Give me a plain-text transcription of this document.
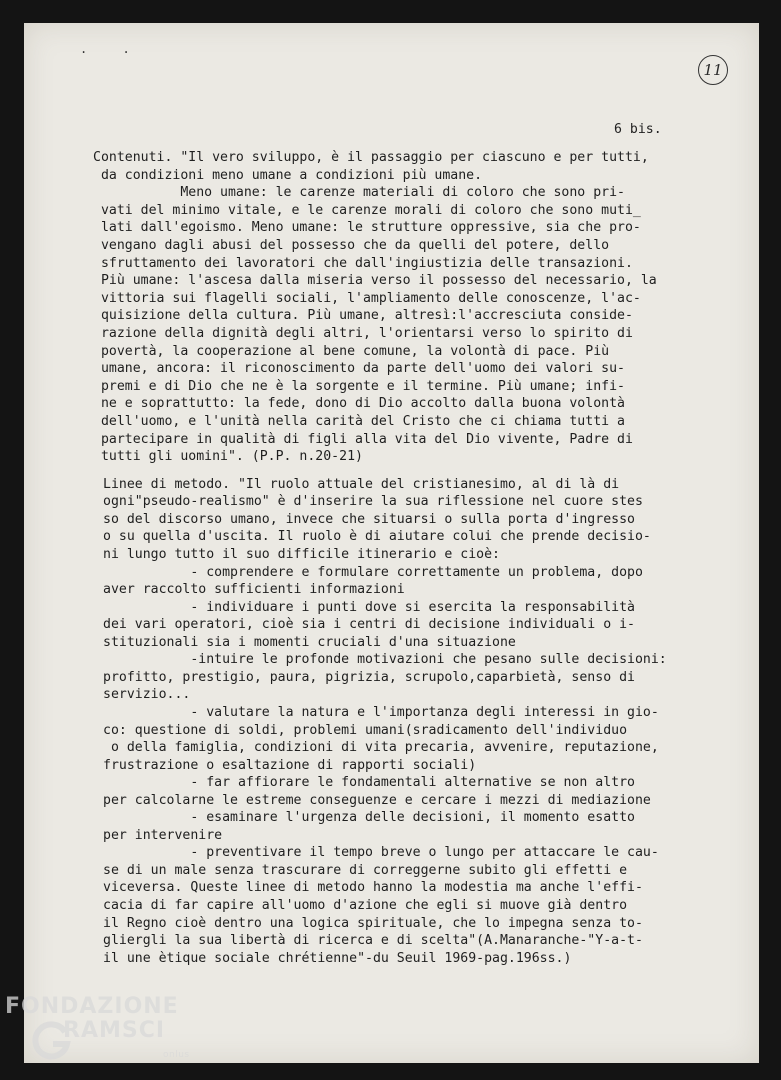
. .
11
6 bis.
Contenuti. "Il vero sviluppo, è il passaggio per ciascuno e per tutti,
da condizioni meno umane a condizioni più umane.
Meno umane: le carenze materiali di coloro che sono pri-
vati del minimo vitale, e le carenze morali di coloro che sono muti_
lati dall'egoismo. Meno umane: le strutture oppressive, sia che pro-
vengano dagli abusi del possesso che da quelli del potere, dello
sfruttamento dei lavoratori che dall'ingiustizia delle transazioni.
Più umane: l'ascesa dalla miseria verso il possesso del necessario, la
vittoria sui flagelli sociali, l'ampliamento delle conoscenze, l'ac-
quisizione della cultura. Più umane, altresì:l'accresciuta conside-
razione della dignità degli altri, l'orientarsi verso lo spirito di
povertà, la cooperazione al bene comune, la volontà di pace. Più
umane, ancora: il riconoscimento da parte dell'uomo dei valori su-
premi e di Dio che ne è la sorgente e il termine. Più umane; infi-
ne e soprattutto: la fede, dono di Dio accolto dalla buona volontà
dell'uomo, e l'unità nella carità del Cristo che ci chiama tutti a
partecipare in qualità di figli alla vita del Dio vivente, Padre di
tutti gli uomini". (P.P. n.20-21)
Linee di metodo. "Il ruolo attuale del cristianesimo, al di là di
ogni"pseudo-realismo" è d'inserire la sua riflessione nel cuore stes
so del discorso umano, invece che situarsi o sulla porta d'ingresso
o su quella d'uscita. Il ruolo è di aiutare colui che prende decisio-
ni lungo tutto il suo difficile itinerario e cioè:
- comprendere e formulare correttamente un problema, dopo
aver raccolto sufficienti informazioni
- individuare i punti dove si esercita la responsabilità
dei vari operatori, cioè sia i centri di decisione individuali o i-
stituzionali sia i momenti cruciali d'una situazione
-intuire le profonde motivazioni che pesano sulle decisioni:
profitto, prestigio, paura, pigrizia, scrupolo,caparbietà, senso di
servizio...
- valutare la natura e l'importanza degli interessi in gio-
co: questione di soldi, problemi umani(sradicamento dell'individuo
o della famiglia, condizioni di vita precaria, avvenire, reputazione,
frustrazione o esaltazione di rapporti sociali)
- far affiorare le fondamentali alternative se non altro
per calcolarne le estreme conseguenze e cercare i mezzi di mediazione
- esaminare l'urgenza delle decisioni, il momento esatto
per intervenire
- preventivare il tempo breve o lungo per attaccare le cau-
se di un male senza trascurare di correggerne subito gli effetti e
viceversa. Queste linee di metodo hanno la modestia ma anche l'effi-
cacia di far capire all'uomo d'azione che egli si muove già dentro
il Regno cioè dentro una logica spirituale, che lo impegna senza to-
gliergli la sua libertà di ricerca e di scelta"(A.Manaranche-"Y-a-t-
il une ètique sociale chrétienne"-du Seuil 1969-pag.196ss.)
FONDAZIONE
RAMSCI
onlus
